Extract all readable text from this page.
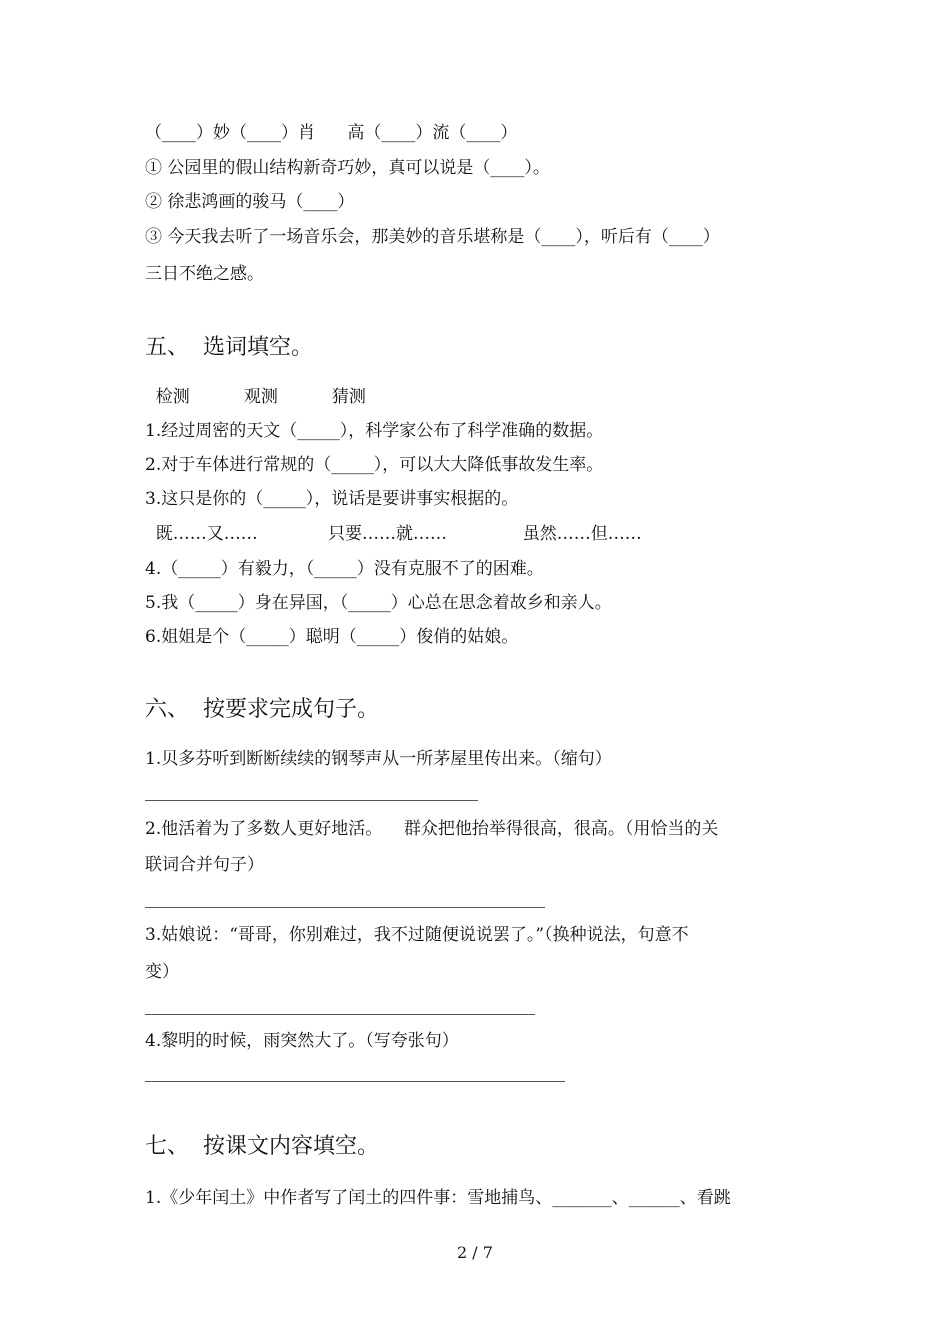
（____）妙（____）肖      高（____）流（____）
① 公园里的假山结构新奇巧妙，真可以说是（____）。
② 徐悲鸿画的骏马（____）
③ 今天我去听了一场音乐会，那美妙的音乐堪称是（____），听后有（____）
三日不绝之感。
五、  选词填空。
检测          观测          猜测
1.经过周密的天文（_____），科学家公布了科学准确的数据。
2.对于车体进行常规的（_____），可以大大降低事故发生率。
3.这只是你的（_____），说话是要讲事实根据的。
既……又……             只要……就……              虽然……但……
4.（_____）有毅力，（_____）没有克服不了的困难。
5.我（_____）身在异国，（_____）心总在思念着故乡和亲人。
6.姐姐是个（_____）聪明（_____）俊俏的姑娘。
六、  按要求完成句子。
1.贝多芬听到断断续续的钢琴声从一所茅屋里传出来。（缩句）
2.他活着为了多数人更好地活。    群众把他抬举得很高，很高。（用恰当的关
联词合并句子）
3.姑娘说：“哥哥，你别难过，我不过随便说说罢了。”（换种说法，句意不
变）
4.黎明的时候，雨突然大了。（写夸张句）
七、  按课文内容填空。
1.《少年闰土》中作者写了闰土的四件事：雪地捕鸟、_______、______、看跳
2 / 7
